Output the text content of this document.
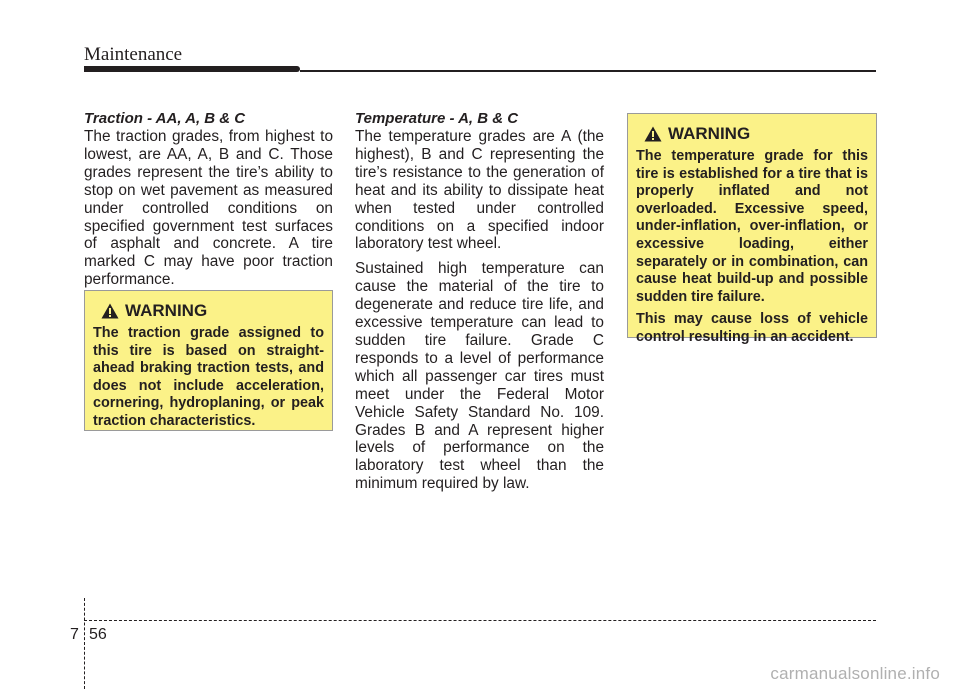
Maintenance
Traction - AA, A, B & C

The traction grades, from highest to lowest, are AA, A, B and C. Those grades represent the tire’s ability to stop on wet pavement as measured under controlled conditions on specified government test surfaces of asphalt and concrete. A tire marked C may have poor traction performance.

WARNING

The traction grade assigned to this tire is based on straight-ahead braking traction tests, and does not include acceleration, cornering, hydroplaning, or peak traction characteristics.

Temperature - A, B & C

The temperature grades are A (the highest), B and C representing the tire’s resistance to the generation of heat and its ability to dissipate heat when tested under controlled conditions on a specified indoor laboratory test wheel.

Sustained high temperature can cause the material of the tire to degenerate and reduce tire life, and excessive temperature can lead to sudden tire failure. Grade C responds to a level of performance which all passenger car tires must meet under the Federal Motor Vehicle Safety Standard No. 109. Grades B and A represent higher levels of performance on the laboratory test wheel than the minimum required by law.

WARNING

The temperature grade for this tire is established for a tire that is properly inflated and not overloaded. Excessive speed, under-inflation, over-inflation, or excessive loading, either separately or in combination, can cause heat build-up and possible sudden tire failure.

This may cause loss of vehicle control resulting in an accident.

7 56
carmanualsonline.info
